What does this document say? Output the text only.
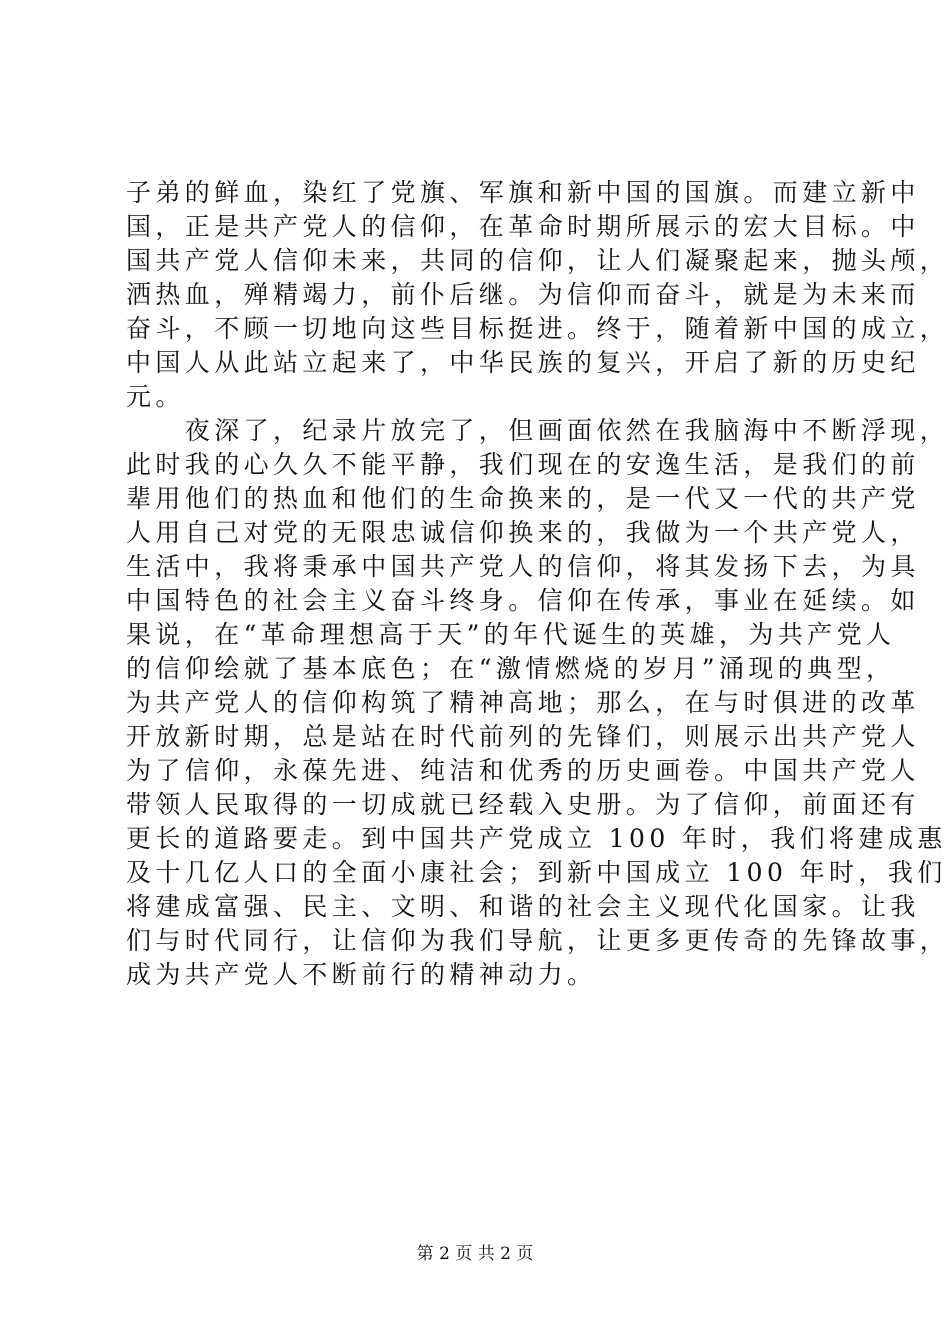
子弟的鲜血，染红了党旗、军旗和新中国的国旗。而建立新中
国，正是共产党人的信仰，在革命时期所展示的宏大目标。中
国共产党人信仰未来，共同的信仰，让人们凝聚起来，抛头颅，
洒热血，殚精竭力，前仆后继。为信仰而奋斗，就是为未来而
奋斗，不顾一切地向这些目标挺进。终于，随着新中国的成立，
中国人从此站立起来了，中华民族的复兴，开启了新的历史纪
元。
　　夜深了，纪录片放完了，但画面依然在我脑海中不断浮现，
此时我的心久久不能平静，我们现在的安逸生活，是我们的前
辈用他们的热血和他们的生命换来的，是一代又一代的共产党
人用自己对党的无限忠诚信仰换来的，我做为一个共产党人，
生活中，我将秉承中国共产党人的信仰，将其发扬下去，为具
中国特色的社会主义奋斗终身。信仰在传承，事业在延续。如
果说，在“革命理想高于天”的年代诞生的英雄，为共产党人
的信仰绘就了基本底色；在“激情燃烧的岁月”涌现的典型，
为共产党人的信仰构筑了精神高地；那么，在与时俱进的改革
开放新时期，总是站在时代前列的先锋们，则展示出共产党人
为了信仰，永葆先进、纯洁和优秀的历史画卷。中国共产党人
带领人民取得的一切成就已经载入史册。为了信仰，前面还有
更长的道路要走。到中国共产党成立 100 年时，我们将建成惠
及十几亿人口的全面小康社会；到新中国成立 100 年时，我们
将建成富强、民主、文明、和谐的社会主义现代化国家。让我
们与时代同行，让信仰为我们导航，让更多更传奇的先锋故事，
成为共产党人不断前行的精神动力。
第 2 页 共 2 页
